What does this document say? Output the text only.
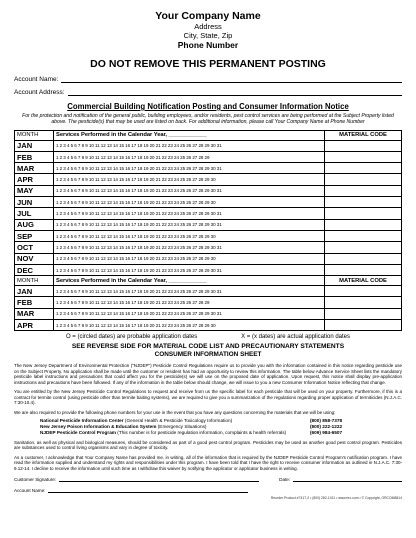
Your Company Name
Address
City, State, Zip
Phone Number
DO NOT REMOVE THIS PERMANENT POSTING
Account Name:
Account Address:
Commercial Building Notification Posting and Consumer Information Notice
For the protection and notification of the general public, building employees, and/or residents, pest control services are being performed at the Subject Property listed above. The pesticide(s) that may be used are listed on back. For additional information, please call Your Company Name at Phone Number
MONTH	Services Performed in the Calendar Year, ____________	MATERIAL CODE
JAN	1 2 3 4 5 6 7 8 9 10 11 12 13 14 15 16 17 18 19 20 21 22 23 24 25 26 27 28 29 30 31	
FEB	1 2 3 4 5 6 7 8 9 10 11 12 13 14 15 16 17 18 19 20 21 22 23 24 25 26 27 28 29	
MAR	1 2 3 4 5 6 7 8 9 10 11 12 13 14 15 16 17 18 19 20 21 22 23 24 25 26 27 28 29 30 31	
APR	1 2 3 4 5 6 7 8 9 10 11 12 13 14 15 16 17 18 19 20 21 22 23 24 25 26 27 28 29 30	
MAY	1 2 3 4 5 6 7 8 9 10 11 12 13 14 15 16 17 18 19 20 21 22 23 24 25 26 27 28 29 30 31	
JUN	1 2 3 4 5 6 7 8 9 10 11 12 13 14 15 16 17 18 19 20 21 22 23 24 25 26 27 28 29 30	
JUL	1 2 3 4 5 6 7 8 9 10 11 12 13 14 15 16 17 18 19 20 21 22 23 24 25 26 27 28 29 30 31	
AUG	1 2 3 4 5 6 7 8 9 10 11 12 13 14 15 16 17 18 19 20 21 22 23 24 25 26 27 28 29 30 31	
SEP	1 2 3 4 5 6 7 8 9 10 11 12 13 14 15 16 17 18 19 20 21 22 23 24 25 26 27 28 29 30	
OCT	1 2 3 4 5 6 7 8 9 10 11 12 13 14 15 16 17 18 19 20 21 22 23 24 25 26 27 28 29 30 31	
NOV	1 2 3 4 5 6 7 8 9 10 11 12 13 14 15 16 17 18 19 20 21 22 23 24 25 26 27 28 29 30	
DEC	1 2 3 4 5 6 7 8 9 10 11 12 13 14 15 16 17 18 19 20 21 22 23 24 25 26 27 28 29 30 31	
MONTH	Services Performed in the Calendar Year, ____________	MATERIAL CODE
JAN	1 2 3 4 5 6 7 8 9 10 11 12 13 14 15 16 17 18 19 20 21 22 23 24 25 26 27 28 29 30 31	
FEB	1 2 3 4 5 6 7 8 9 10 11 12 13 14 15 16 17 18 19 20 21 22 23 24 25 26 27 28 29	
MAR	1 2 3 4 5 6 7 8 9 10 11 12 13 14 15 16 17 18 19 20 21 22 23 24 25 26 27 28 29 30 31	
APR	1 2 3 4 5 6 7 8 9 10 11 12 13 14 15 16 17 18 19 20 21 22 23 24 25 26 27 28 29 30	
O = (circled dates) are probable application dates	X = (x dates) are actual application dates
SEE REVERSE SIDE FOR MATERIAL CODE LIST AND PRECAUTIONARY STATEMENTS
CONSUMER INFORMATION SHEET
The New Jersey Department of Environmental Protection ("NJDEP") Pesticide Control Regulations require us to provide you with the information contained in this notice regarding pesticide use on the Subject Property. No application shall be made until the customer or resident has had an opportunity to review this information. The table below Advance Service Sheet lists the mandatory pesticide label instructions and precautions that could affect you for the pesticide(s) we will use on the proposed date of application. Upon request, this notice shall display pre-application instructions and precautions have been followed. If any of the information in the table below should change, we will issue to you a new Consumer Information Notice reflecting that change.
You are entitled by the New Jersey Pesticide Control Regulations to request and receive from us the specific label for each pesticide that will be used on your property. Furthermore, if this is a contract for termite control (using pesticide other than termite baiting systems), we are required to give you a summarization of the regulations regarding proper application of termiticides (N.J.A.C. 7:30-10.4).
We are also required to provide the following phone numbers for your use in the event that you have any questions concerning the materials that we will be using:
National Pesticide Information Center (General Health & Pesticide Toxicology Information)	(800) 858-7378
New Jersey Poison Information & Education System (Emergency Situations)	(800) 222-1222
NJDEP Pesticide Control Program (This number is for pesticide regulation information, complaints & health referrals)	(609) 984-6507
Sanitation, as well as physical and biological measures, should be considered as part of a good pest control program. Pesticides may be used as another good pest control program. Pesticides are substances used to control living organisms and vary in degree of toxicity.
As a customer, I acknowledge that Your Company Name has provided me, in writing, all of the information that is required by the NJDEP Pesticide Control Program's notification program. I have read the information supplied and understand my rights and responsibilities under this program. I have been told that I have the right to receive consumer information as outlined in N.J.A.C. 7:30-9.12-14. I decline to receive the information until such time as I withdraw this waiver by notifying the applicator or applicator business in writing.
Customer Signature:	Date:
Account Name:
Reorder Product #7417-2 • (800) 282-1011 • www.reo.com • © Copyright, ORCOM8814
